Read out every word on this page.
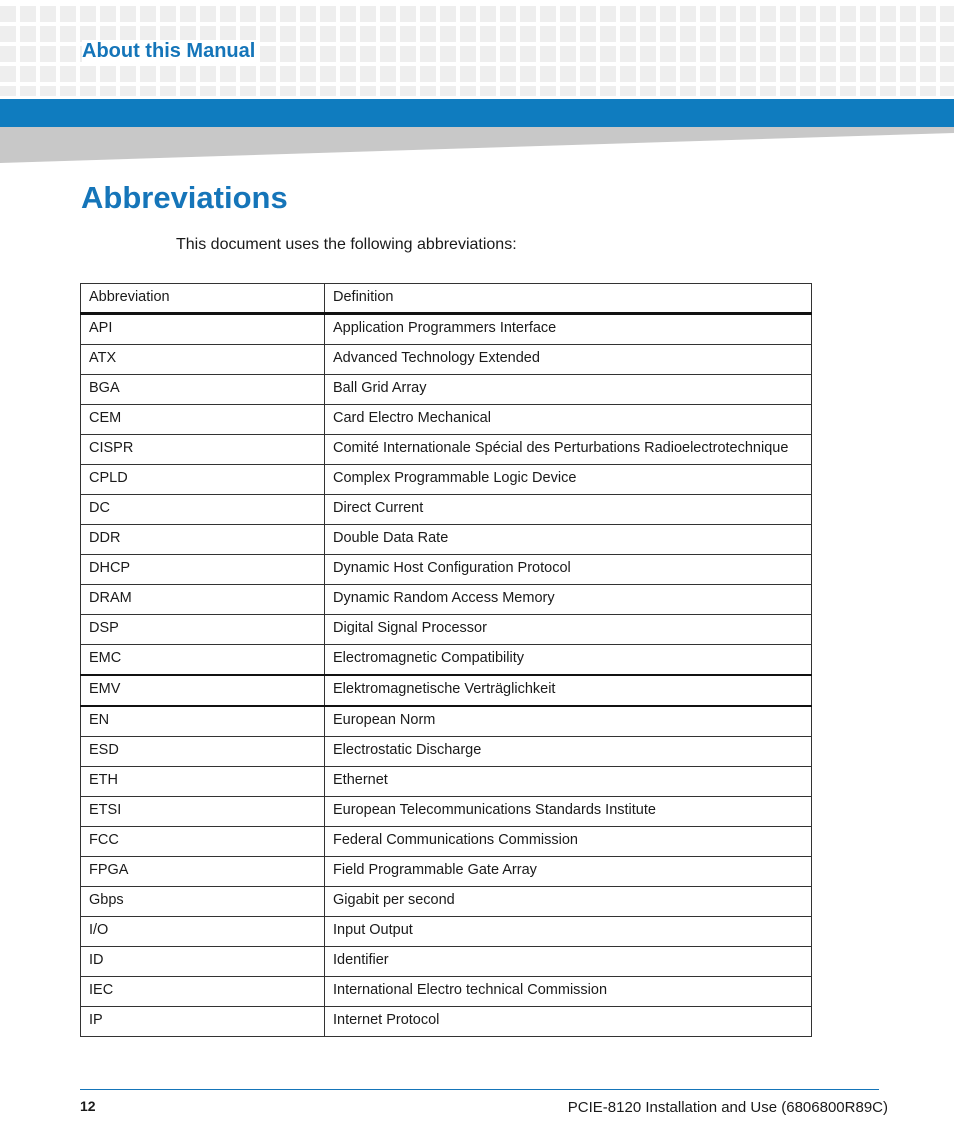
About this Manual
Abbreviations
This document uses the following abbreviations:
Abbreviation	Definition
API	Application Programmers Interface
ATX	Advanced Technology Extended
BGA	Ball Grid Array
CEM	Card Electro Mechanical
CISPR	Comité Internationale Spécial des Perturbations Radioelectrotechnique
CPLD	Complex Programmable Logic Device
DC	Direct Current
DDR	Double Data Rate
DHCP	Dynamic Host Configuration Protocol
DRAM	Dynamic Random Access Memory
DSP	Digital Signal Processor
EMC	Electromagnetic Compatibility
EMV	Elektromagnetische Verträglichkeit
EN	European Norm
ESD	Electrostatic Discharge
ETH	Ethernet
ETSI	European Telecommunications Standards Institute
FCC	Federal Communications Commission
FPGA	Field Programmable Gate Array
Gbps	Gigabit per second
I/O	Input Output
ID	Identifier
IEC	International Electro technical Commission
IP	Internet Protocol
12	PCIE-8120 Installation and Use (6806800R89C)
